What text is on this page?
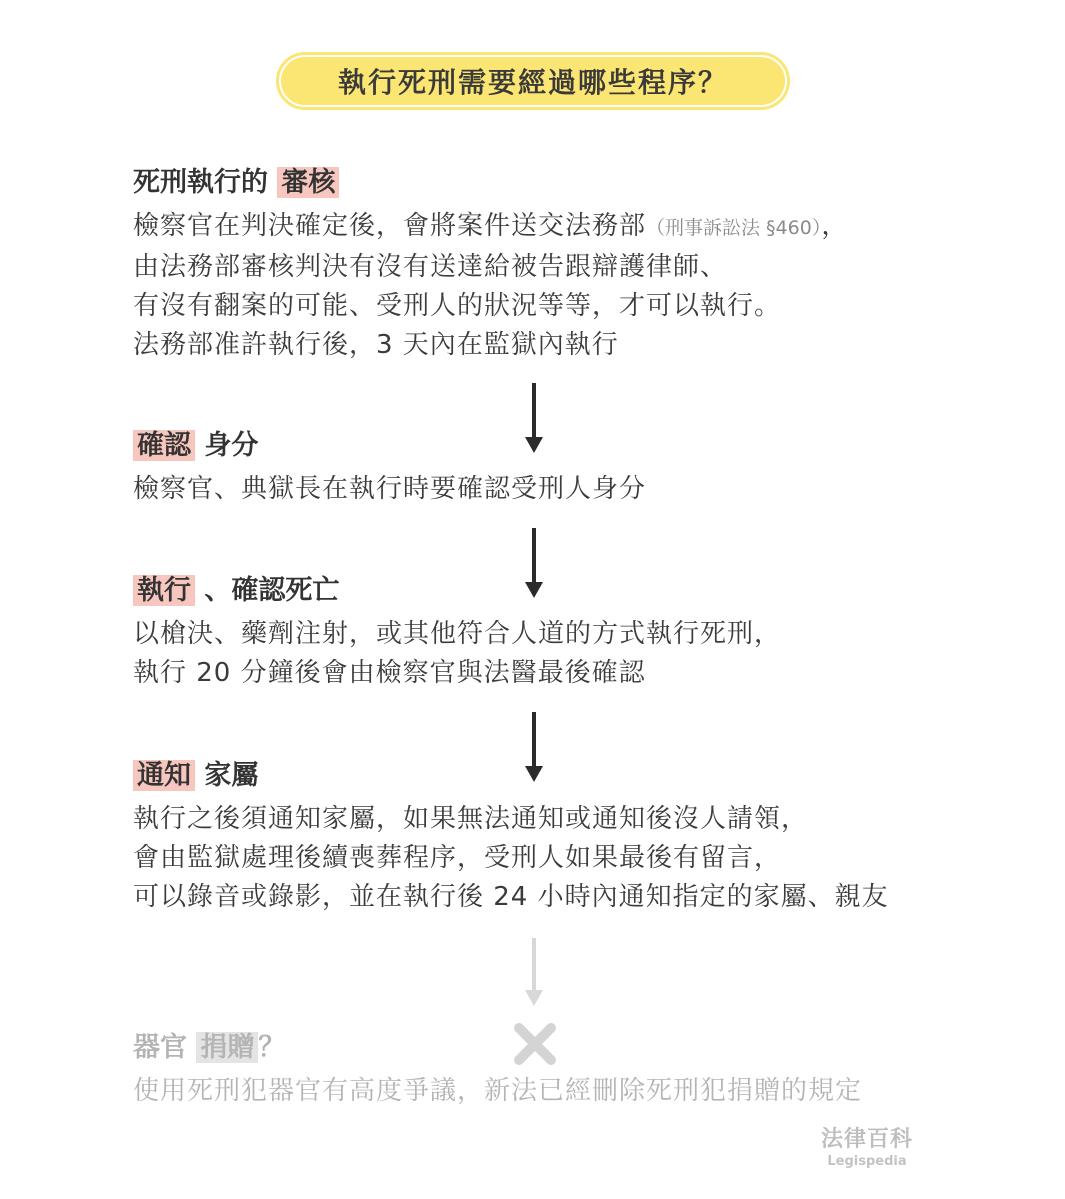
執行死刑需要經過哪些程序？
死刑執行的 審核
檢察官在判決確定後，會將案件送交法務部（刑事訴訟法 §460），
由法務部審核判決有沒有送達給被告跟辯護律師、
有沒有翻案的可能、受刑人的狀況等等，才可以執行。
法務部准許執行後，3 天內在監獄內執行
確認 身分
檢察官、典獄長在執行時要確認受刑人身分
執行 、確認死亡
以槍決、藥劑注射，或其他符合人道的方式執行死刑，
執行 20 分鐘後會由檢察官與法醫最後確認
通知 家屬
執行之後須通知家屬，如果無法通知或通知後沒人請領，
會由監獄處理後續喪葬程序，受刑人如果最後有留言，
可以錄音或錄影，並在執行後 24 小時內通知指定的家屬、親友
器官 捐贈 ？
使用死刑犯器官有高度爭議，新法已經刪除死刑犯捐贈的規定
法律百科
Legispedia
